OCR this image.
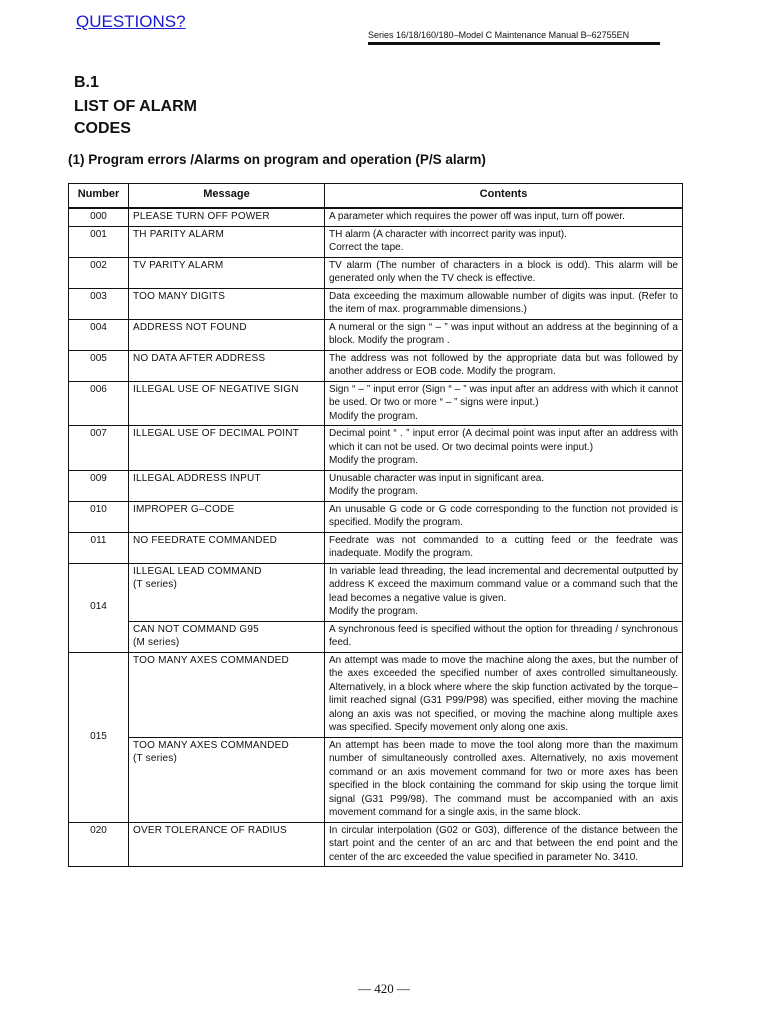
QUESTIONS?
Series 16/18/160/180–Model C Maintenance Manual B–62755EN
B.1
LIST OF ALARM CODES
(1) Program errors /Alarms on program and operation (P/S alarm)
Number	Message	Contents
000	PLEASE TURN OFF POWER	A parameter which requires the power off was input, turn off power.

001	TH PARITY ALARM	TH alarm (A character with incorrect parity was input).
Correct the tape.

002	TV PARITY ALARM	TV alarm (The number of characters in a block is odd). This alarm will be generated only when the TV check is effective.

003	TOO MANY DIGITS	Data exceeding the maximum allowable number of digits was input. (Refer to the item of max. programmable dimensions.)

004	ADDRESS NOT FOUND	A numeral or the sign “ – ” was input without an address at the beginning of a block. Modify the program .

005	NO DATA AFTER ADDRESS	The address was not followed by the appropriate data but was followed by another address or EOB code. Modify the program.

006	ILLEGAL USE OF NEGATIVE SIGN	Sign “ – ” input error (Sign “ – ” was input after an address with which it cannot be used. Or two or more “ – ” signs were input.)
Modify the program.

007	ILLEGAL USE OF DECIMAL POINT	Decimal point “ . ” input error (A decimal point was input after an address with which it can not be used. Or two decimal points were input.)
Modify the program.

009	ILLEGAL ADDRESS INPUT	Unusable character was input in significant area.
Modify the program.

010	IMPROPER G–CODE	An unusable G code or G code corresponding to the function not provided is specified. Modify the program.

011	NO FEEDRATE COMMANDED	Feedrate was not commanded to a cutting feed or the feedrate was inadequate. Modify the program.

014	ILLEGAL LEAD COMMAND
(T series)	In variable lead threading, the lead incremental and decremental outputted by address K exceed the maximum command value or a command such that the lead becomes a negative value is given.
Modify the program.

	CAN NOT COMMAND G95
(M series)	A synchronous feed is specified without the option for threading / synchronous feed.

015	TOO MANY AXES COMMANDED	An attempt was made to move the machine along the axes, but the number of the axes exceeded the specified number of axes controlled simultaneously. Alternatively, in a block where where the skip function activated by the torque–limit reached signal (G31 P99/P98) was specified, either moving the machine along an axis was not specified, or moving the machine along multiple axes was specified. Specify movement only along one axis.

	TOO MANY AXES COMMANDED
(T series)	An attempt has been made to move the tool along more than the maximum number of simultaneously controlled axes. Alternatively, no axis movement command or an axis movement command for two or more axes has been specified in the block containing the command for skip using the torque limit signal (G31 P99/98). The command must be accompanied with an axis movement command for a single axis, in the same block.

020	OVER TOLERANCE OF RADIUS	In circular interpolation (G02 or G03), difference of the distance between the start point and the center of an arc and that between the end point and the center of the arc exceeded the value specified in parameter No. 3410.
— 420 —
